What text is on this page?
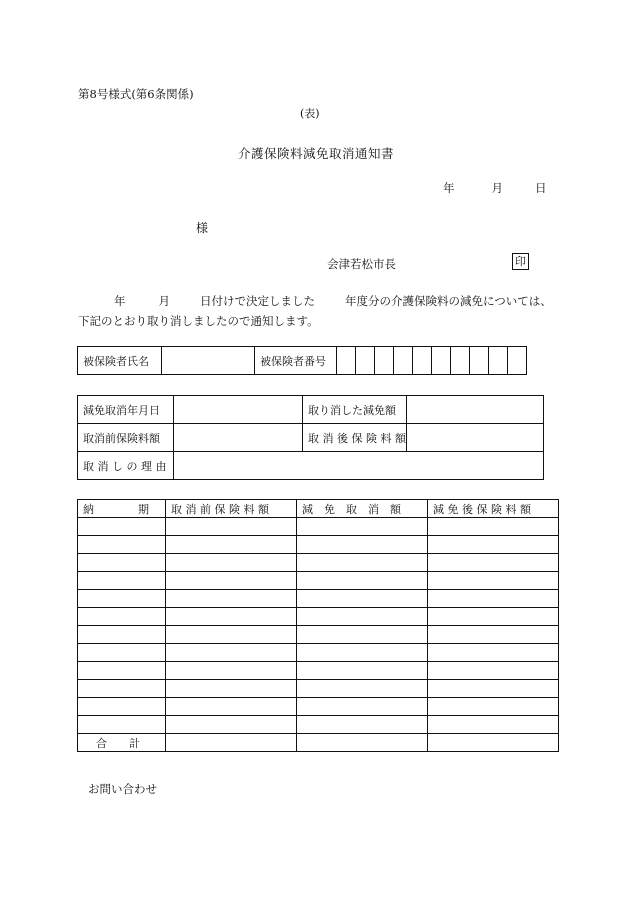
第8号様式(第6条関係)
(表)
介護保険料減免取消通知書
年	月	日
様
会津若松市長	印
年	月	日付けで決定しました	年度分の介護保険料の減免については、下記のとおり取り消しましたので通知します。
被保険者氏名		被保険者番号										
減免取消年月日		取り消した減免額	
取消前保険料額		取 消 後 保 険 料 額	
取 消 し の 理 由			
納　　　　期	取 消 前 保 険 料 額	減　免　取　消　額	減 免 後 保 険 料 額

合　　計			
お問い合わせ
